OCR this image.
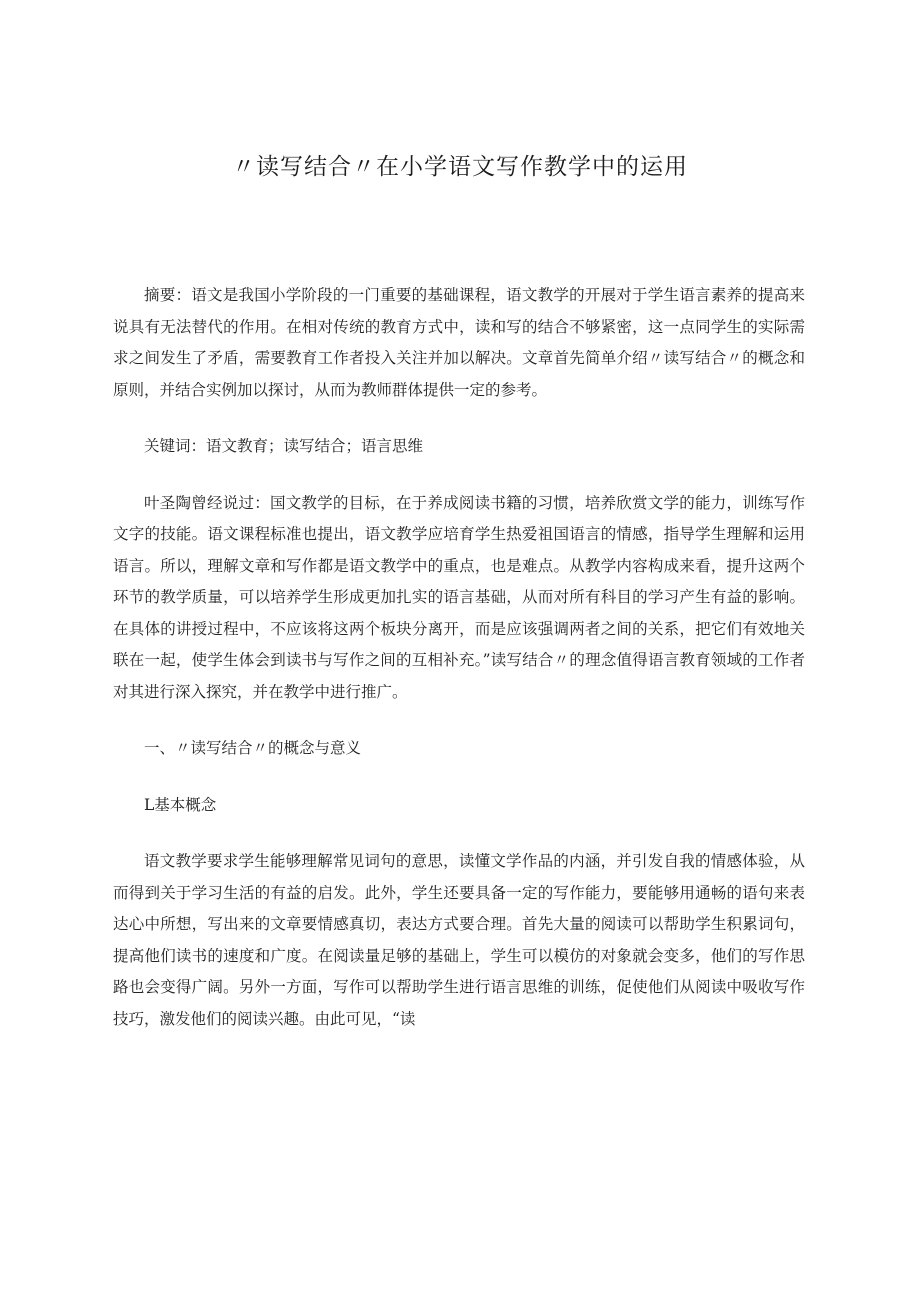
〃读写结合〃在小学语文写作教学中的运用

摘要：语文是我国小学阶段的一门重要的基础课程，语文教学的开展对于学生语言素养的提高来说具有无法替代的作用。在相对传统的教育方式中，读和写的结合不够紧密，这一点同学生的实际需求之间发生了矛盾，需要教育工作者投入关注并加以解决。文章首先简单介绍〃读写结合〃的概念和原则，并结合实例加以探讨，从而为教师群体提供一定的参考。

关键词：语文教育；读写结合；语言思维

叶圣陶曾经说过：国文教学的目标，在于养成阅读书籍的习惯，培养欣赏文学的能力，训练写作文字的技能。语文课程标准也提出，语文教学应培育学生热爱祖国语言的情感，指导学生理解和运用语言。所以，理解文章和写作都是语文教学中的重点，也是难点。从教学内容构成来看，提升这两个环节的教学质量，可以培养学生形成更加扎实的语言基础，从而对所有科目的学习产生有益的影响。在具体的讲授过程中，不应该将这两个板块分离开，而是应该强调两者之间的关系，把它们有效地关联在一起，使学生体会到读书与写作之间的互相补充。”读写结合〃的理念值得语言教育领域的工作者对其进行深入探究，并在教学中进行推广。

一、〃读写结合〃的概念与意义

L基本概念

语文教学要求学生能够理解常见词句的意思，读懂文学作品的内涵，并引发自我的情感体验，从而得到关于学习生活的有益的启发。此外，学生还要具备一定的写作能力，要能够用通畅的语句来表达心中所想，写出来的文章要情感真切，表达方式要合理。首先大量的阅读可以帮助学生积累词句，提高他们读书的速度和广度。在阅读量足够的基础上，学生可以模仿的对象就会变多，他们的写作思路也会变得广阔。另外一方面，写作可以帮助学生进行语言思维的训练，促使他们从阅读中吸收写作技巧，激发他们的阅读兴趣。由此可见，“读
